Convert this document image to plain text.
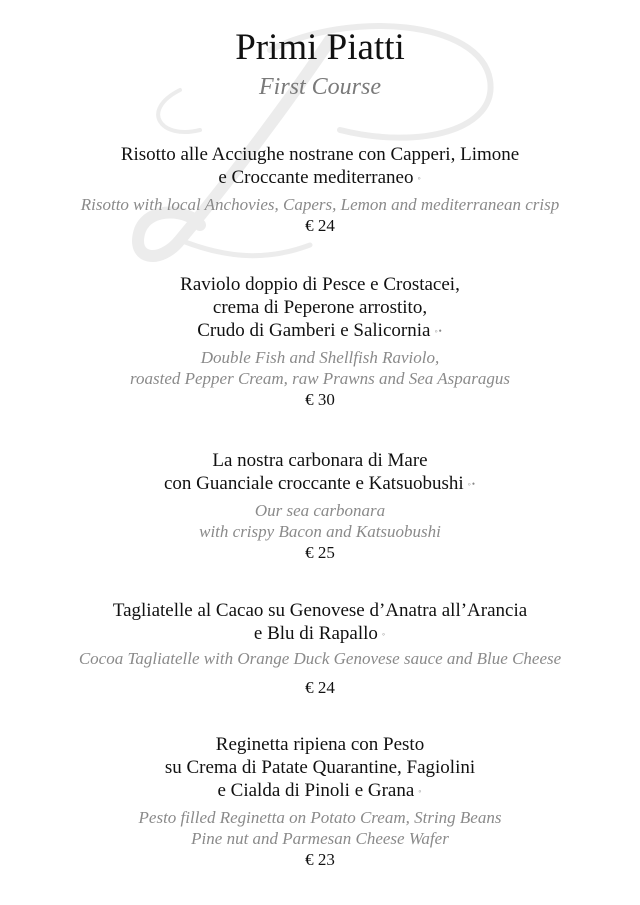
Primi Piatti
First Course
Risotto alle Acciughe nostrane con Capperi, Limone
e Croccante mediterraneo ◦
Risotto with local Anchovies, Capers, Lemon and mediterranean crisp
€ 24
Raviolo doppio di Pesce e Crostacei,
crema di Peperone arrostito,
Crudo di Gamberi e Salicornia ◦•
Double Fish and Shellfish Raviolo,
roasted Pepper Cream, raw Prawns and Sea Asparagus
€ 30
La nostra carbonara di Mare
con Guanciale croccante e Katsuobushi ◦•
Our sea carbonara
with crispy Bacon and Katsuobushi
€ 25
Tagliatelle al Cacao su Genovese d’Anatra all’Arancia
e Blu di Rapallo ◦
Cocoa Tagliatelle with Orange Duck Genovese sauce and Blue Cheese
€ 24
Reginetta ripiena con Pesto
su Crema di Patate Quarantine, Fagiolini
e Cialda di Pinoli e Grana ◦
Pesto filled Reginetta on Potato Cream, String Beans
Pine nut and Parmesan Cheese Wafer
€ 23
